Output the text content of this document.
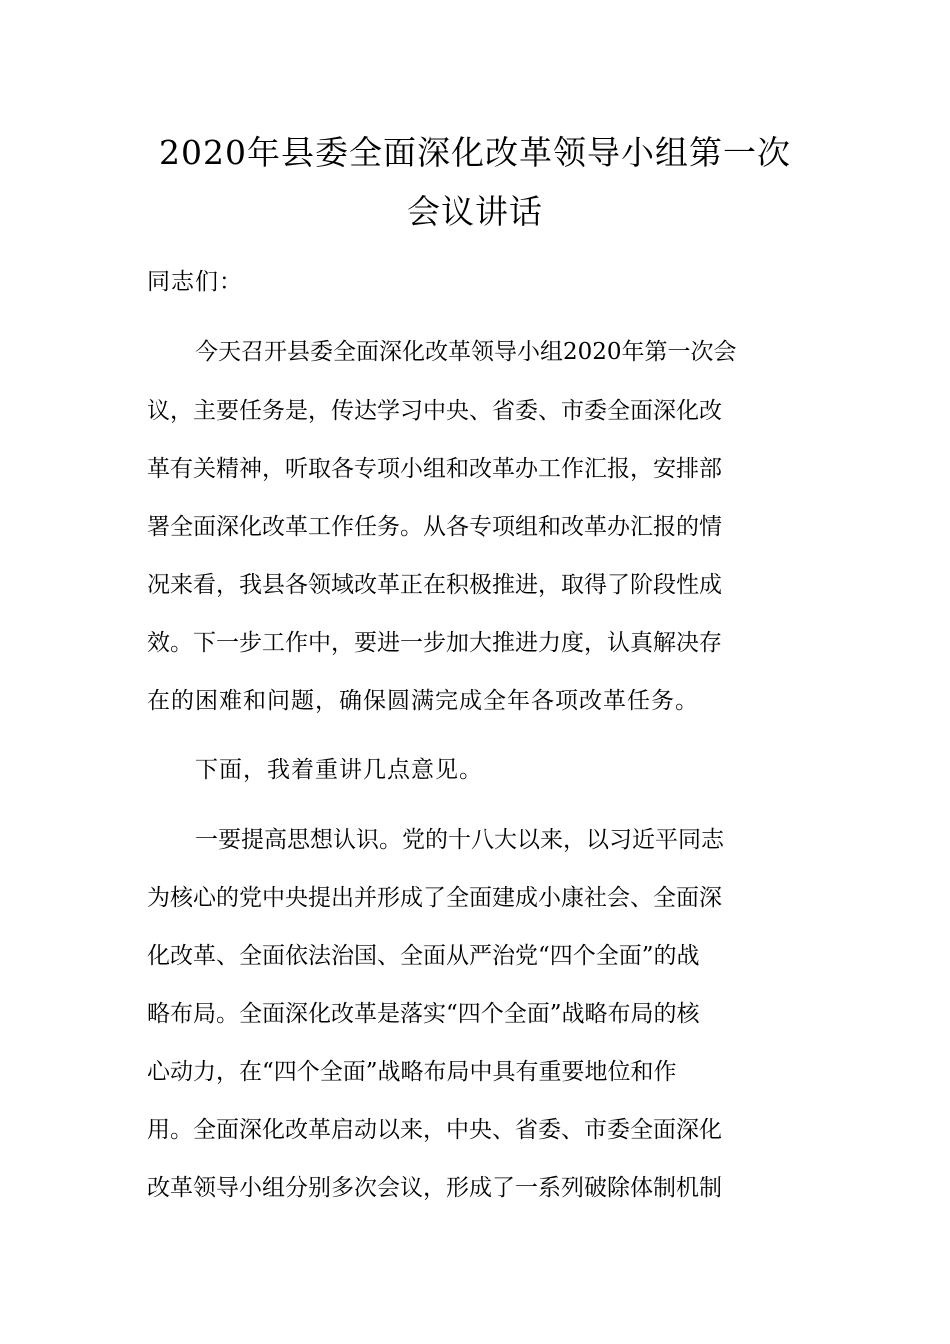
2020年县委全面深化改革领导小组第一次
会议讲话
同志们：
今天召开县委全面深化改革领导小组2020年第一次会
议，主要任务是，传达学习中央、省委、市委全面深化改
革有关精神，听取各专项小组和改革办工作汇报，安排部
署全面深化改革工作任务。从各专项组和改革办汇报的情
况来看，我县各领域改革正在积极推进，取得了阶段性成
效。下一步工作中，要进一步加大推进力度，认真解决存
在的困难和问题，确保圆满完成全年各项改革任务。
下面，我着重讲几点意见。
一要提高思想认识。党的十八大以来，以习近平同志
为核心的党中央提出并形成了全面建成小康社会、全面深
化改革、全面依法治国、全面从严治党“四个全面”的战
略布局。全面深化改革是落实“四个全面”战略布局的核
心动力，在“四个全面”战略布局中具有重要地位和作
用。全面深化改革启动以来，中央、省委、市委全面深化
改革领导小组分别多次会议，形成了一系列破除体制机制
